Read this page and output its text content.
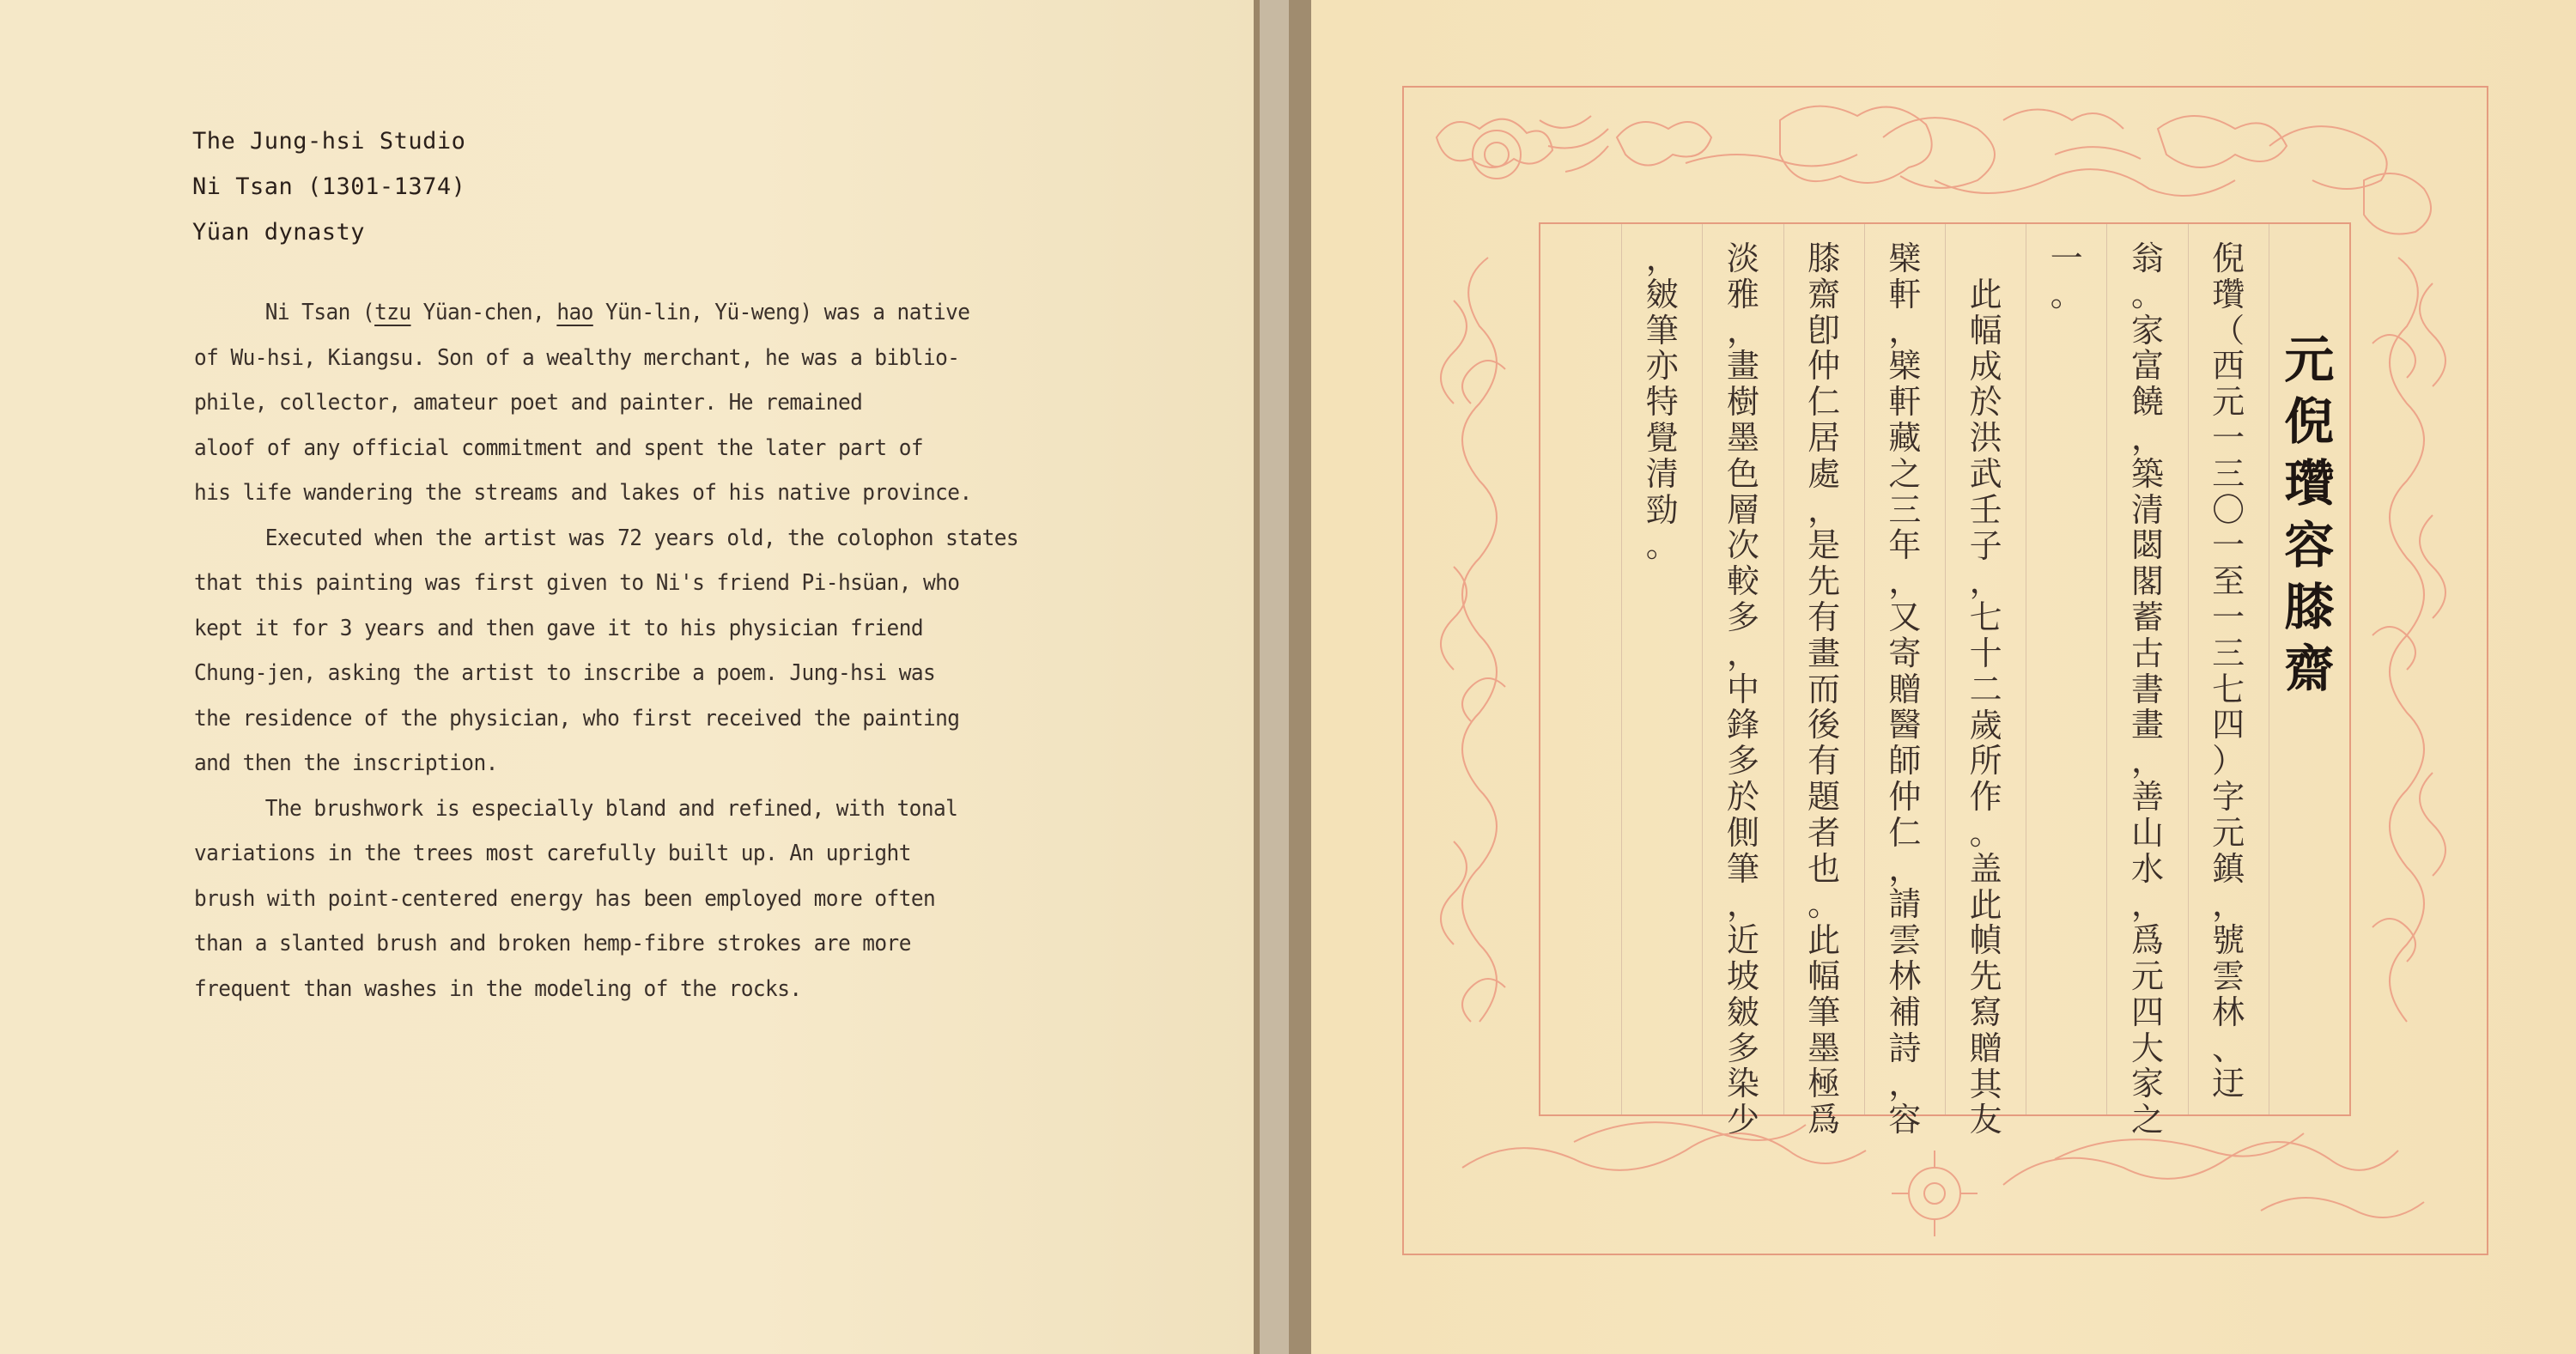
The Jung-hsi Studio
Ni Tsan (1301-1374)
Yüan dynasty
Ni Tsan (tzu Yüan-chen, hao Yün-lin, Yü-weng) was a native
of Wu-hsi, Kiangsu. Son of a wealthy merchant, he was a biblio-
phile, collector, amateur poet and painter. He remained
aloof of any official commitment and spent the later part of
his life wandering the streams and lakes of his native province.
Executed when the artist was 72 years old, the colophon states
that this painting was first given to Ni's friend Pi-hsüan, who
kept it for 3 years and then gave it to his physician friend
Chung-jen, asking the artist to inscribe a poem. Jung-hsi was
the residence of the physician, who first received the painting
and then the inscription.
The brushwork is especially bland and refined, with tonal
variations in the trees most carefully built up. An upright
brush with point-centered energy has been employed more often
than a slanted brush and broken hemp-fibre strokes are more
frequent than washes in the modeling of the rocks.
元
倪
瓚
容
膝
齋
倪
瓚
（
西
元
一
三
〇
一
至
一
三
七
四
）
字
元
鎮
，
號
雲
林
、
迂
翁
。
家
富
饒
，
築
清
閟
閣
蓄
古
書
畫
，
善
山
水
，
爲
元
四
大
家
之
一
。
此
幅
成
於
洪
武
壬
子
，
七
十
二
歲
所
作
。
盖
此
幀
先
寫
贈
其
友
檗
軒
，
檗
軒
藏
之
三
年
，
又
寄
贈
醫
師
仲
仁
，
請
雲
林
補
詩
，
容
膝
齋
卽
仲
仁
居
處
，
是
先
有
畫
而
後
有
題
者
也
。
此
幅
筆
墨
極
爲
淡
雅
，
畫
樹
墨
色
層
次
較
多
，
中
鋒
多
於
側
筆
，
近
坡
皴
多
染
少
，
皴
筆
亦
特
覺
清
勁
。
